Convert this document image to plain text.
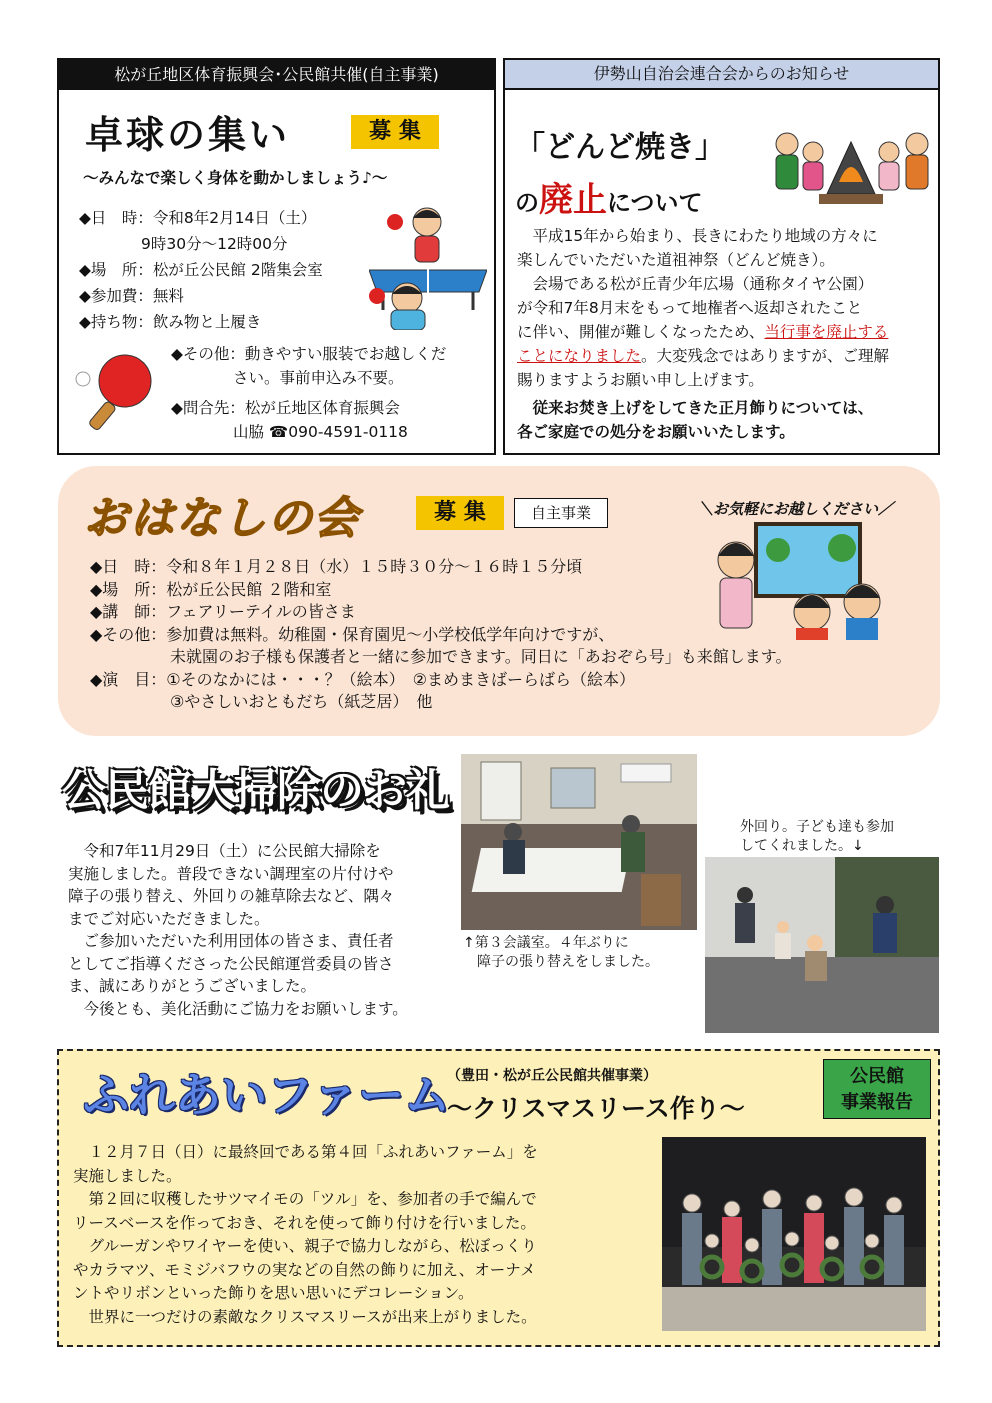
松が丘地区体育振興会･公民館共催(自主事業)
卓球の集い	募 集
〜みんなで楽しく身体を動かしましょう♪〜
◆日　時：令和8年2月14日（土）
　　　　9時30分〜12時00分
◆場　所：松が丘公民館 2階集会室
◆参加費：無料
◆持ち物：飲み物と上履き
◆その他：動きやすい服装でお越しくだ
　　　　さい。事前申込み不要。
◆問合先：松が丘地区体育振興会
　　　　山脇 ☎090-4591-0118
伊勢山自治会連合会からのお知らせ
「どんど焼き」
の廃止について
　平成15年から始まり、長きにわたり地域の方々に
楽しんでいただいた道祖神祭（どんど焼き）。
　会場である松が丘青少年広場（通称タイヤ公園）
が令和7年8月末をもって地権者へ返却されたこと
に伴い、開催が難しくなったため、当行事を廃止する
ことになりました。大変残念ではありますが、ご理解
賜りますようお願い申し上げます。
　従来お焚き上げをしてきた正月飾りについては、
各ご家庭での処分をお願いいたします。
おはなしの会	募 集	自主事業	＼お気軽にお越しください／
◆日　時：令和８年１月２８日（水）１５時３０分〜１６時１５分頃
◆場　所：松が丘公民館 ２階和室
◆講　師：フェアリーテイルの皆さま
◆その他：参加費は無料。幼稚園・保育園児〜小学校低学年向けですが、
　　　　　未就園のお子様も保護者と一緒に参加できます。同日に「あおぞら号」も来館します。
◆演　目：①そのなかには・・・？（絵本）　②まめまきばーらばら（絵本）
　　　　　③やさしいおともだち（紙芝居）　他
公民館大掃除のお礼
　令和7年11月29日（土）に公民館大掃除を
実施しました。普段できない調理室の片付けや
障子の張り替え、外回りの雑草除去など、隅々
までご対応いただきました。
　ご参加いただいた利用団体の皆さま、責任者
としてご指導くださった公民館運営委員の皆さ
ま、誠にありがとうございました。
　今後とも、美化活動にご協力をお願いします。
↑第３会議室。４年ぶりに
　障子の張り替えをしました。
外回り。子ども達も参加
してくれました。↓
ふれあいファーム
（豊田・松が丘公民館共催事業）
〜クリスマスリース作り〜
公民館
事業報告
　１２月７日（日）に最終回である第４回「ふれあいファーム」を
実施しました。
　第２回に収穫したサツマイモの「ツル」を、参加者の手で編んで
リースベースを作っておき、それを使って飾り付けを行いました。
　グルーガンやワイヤーを使い、親子で協力しながら、松ぼっくり
やカラマツ、モミジバフウの実などの自然の飾りに加え、オーナメ
ントやリボンといった飾りを思い思いにデコレーション。
　世界に一つだけの素敵なクリスマスリースが出来上がりました。
